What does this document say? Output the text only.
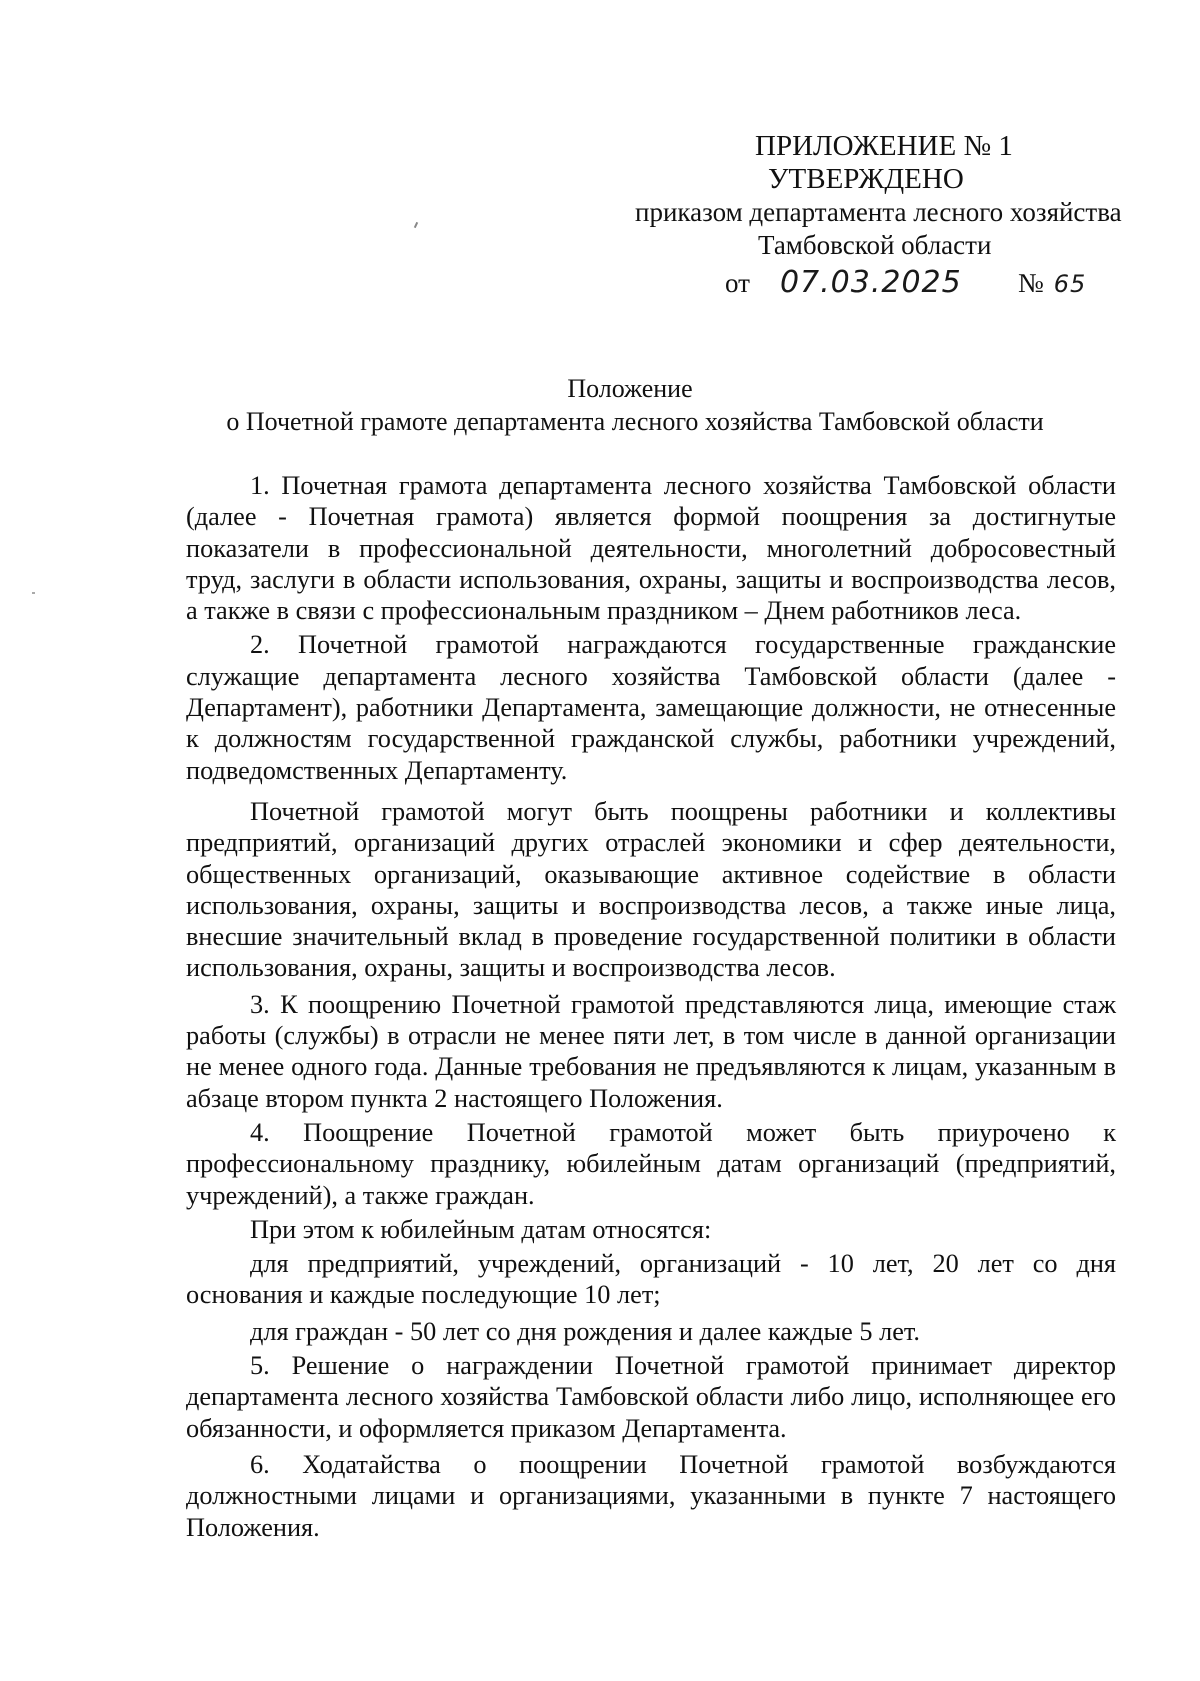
ПРИЛОЖЕНИЕ № 1
УТВЕРЖДЕНО
приказом департамента лесного хозяйства
Тамбовской области
от 07.03.2025	№ 65
Положение
о Почетной грамоте департамента лесного хозяйства Тамбовской области

1. Почетная грамота департамента лесного хозяйства Тамбовской области (далее - Почетная грамота) является формой поощрения за достигнутые показатели в профессиональной деятельности, многолетний добросовестный труд, заслуги в области использования, охраны, защиты и воспроизводства лесов, а также в связи с профессиональным праздником – Днем работников леса.

2. Почетной грамотой награждаются государственные гражданские служащие департамента лесного хозяйства Тамбовской области (далее - Департамент), работники Департамента, замещающие должности, не отнесенные к должностям государственной гражданской службы, работники учреждений, подведомственных Департаменту.

Почетной грамотой могут быть поощрены работники и коллективы предприятий, организаций других отраслей экономики и сфер деятельности, общественных организаций, оказывающие активное содействие в области использования, охраны, защиты и воспроизводства лесов, а также иные лица, внесшие значительный вклад в проведение государственной политики в области использования, охраны, защиты и воспроизводства лесов.

3. К поощрению Почетной грамотой представляются лица, имеющие стаж работы (службы) в отрасли не менее пяти лет, в том числе в данной организации не менее одного года. Данные требования не предъявляются к лицам, указанным в абзаце втором пункта 2 настоящего Положения.

4. Поощрение Почетной грамотой может быть приурочено к профессиональному празднику, юбилейным датам организаций (предприятий, учреждений), а также граждан.

При этом к юбилейным датам относятся:

для предприятий, учреждений, организаций - 10 лет, 20 лет со дня основания и каждые последующие 10 лет;

для граждан - 50 лет со дня рождения и далее каждые 5 лет.

5. Решение о награждении Почетной грамотой принимает директор департамента лесного хозяйства Тамбовской области либо лицо, исполняющее его обязанности, и оформляется приказом Департамента.

6. Ходатайства о поощрении Почетной грамотой возбуждаются должностными лицами и организациями, указанными в пункте 7 настоящего Положения.
